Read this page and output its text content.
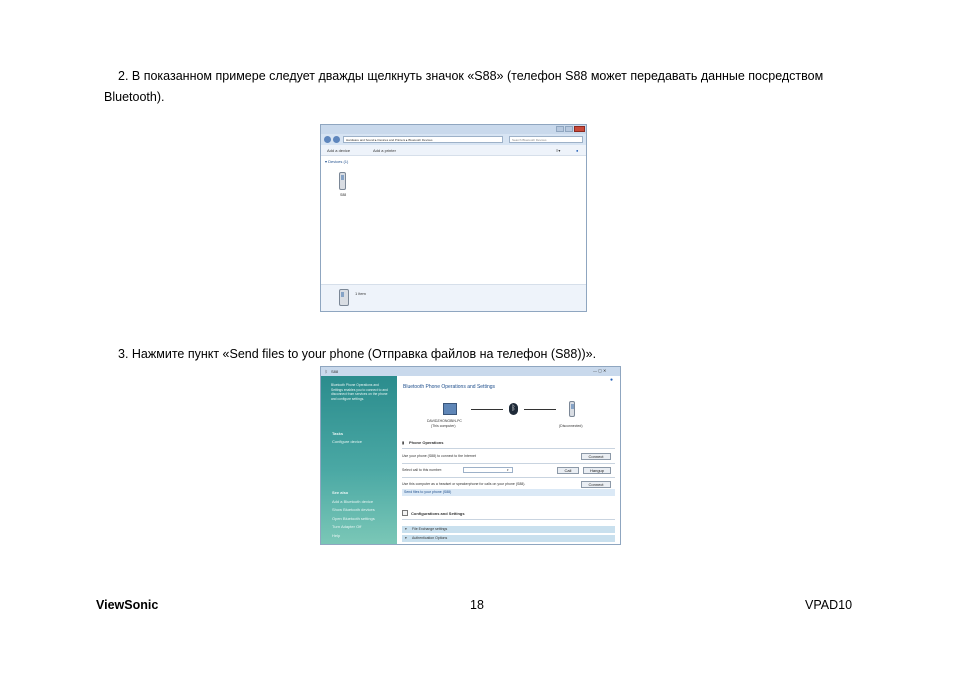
2. В показанном примере следует дважды щелкнуть значок «S88» (телефон S88 может передавать данные посредством Bluetooth).
Hardware and Sound ▸ Devices and Printers ▸ Bluetooth Devices	Search Bluetooth Devices
Add a device	Add a printer	≡▾	●
▾ Devices (1)
S88
1 item
3. Нажмите пункт «Send files to your phone (Отправка файлов на телефон (S88))».
ᛒ S88	— ▢ ✕
Bluetooth Phone Operations and Settings enables you to connect to and disconnect from services on the phone and configure settings.
Tasks
Configure device
See also
Add a Bluetooth device
Show Bluetooth devices
Open Bluetooth settings
Turn Adapter Off
Help
●
Bluetooth Phone Operations and Settings
ᛒ
DAVIDZHONGBIN-PC
(This computer)	(Disconnected)
▮ Phone Operations
Use your phone (S88) to connect to the Internet	Connect
Select call to this number:	▾	Call	Hangup
Use this computer as a headset or speakerphone for calls on your phone (S88).	Connect
Send files to your phone (S88)
Configurations and Settings
▾ File Exchange settings
▾ Authentication Options
ViewSonic	18	VPAD10
